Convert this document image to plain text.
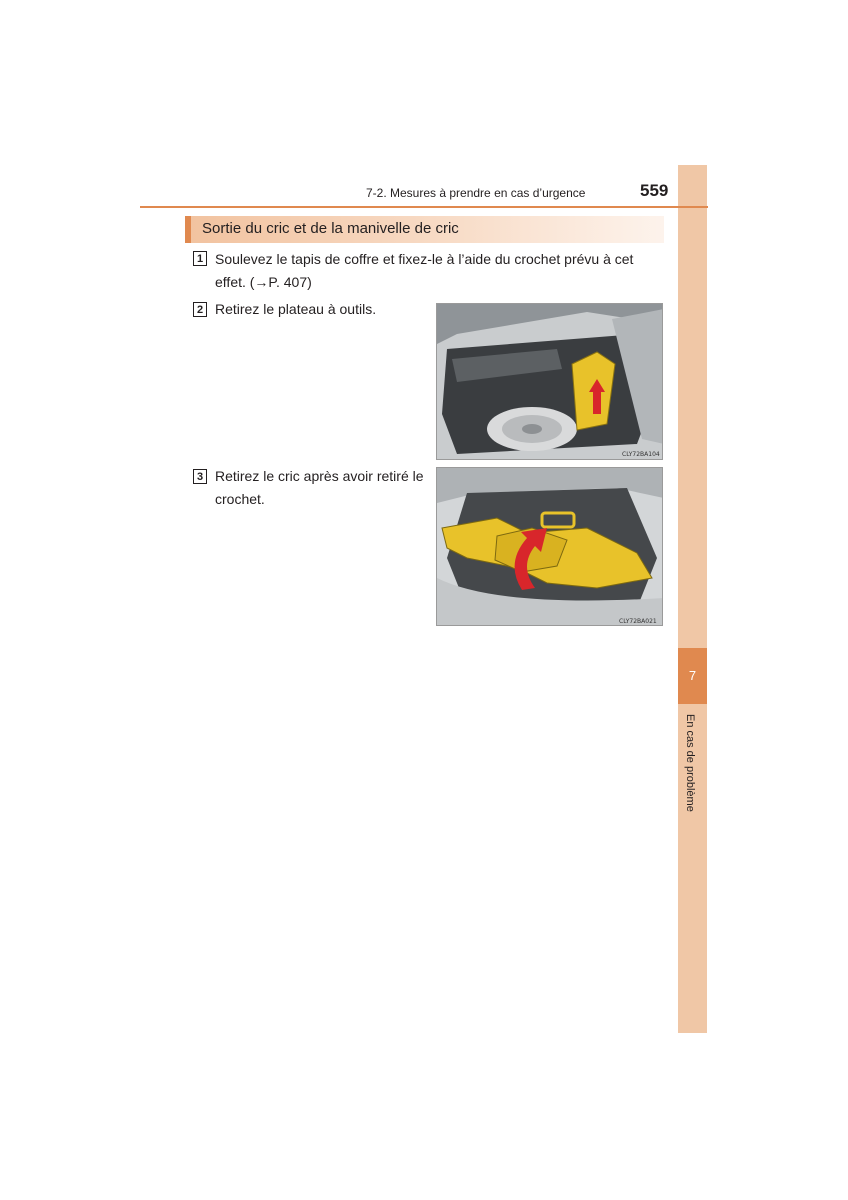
7
En cas de problème
7-2. Mesures à prendre en cas d’urgence	559
Sortie du cric et de la manivelle de cric
1 Soulevez le tapis de coffre et fixez-le à l’aide du crochet prévu à cet
effet. (→P. 407)
2 Retirez le plateau à outils.
CLY72BA104
3 Retirez le cric après avoir retiré le
crochet.
CLY72BA021
